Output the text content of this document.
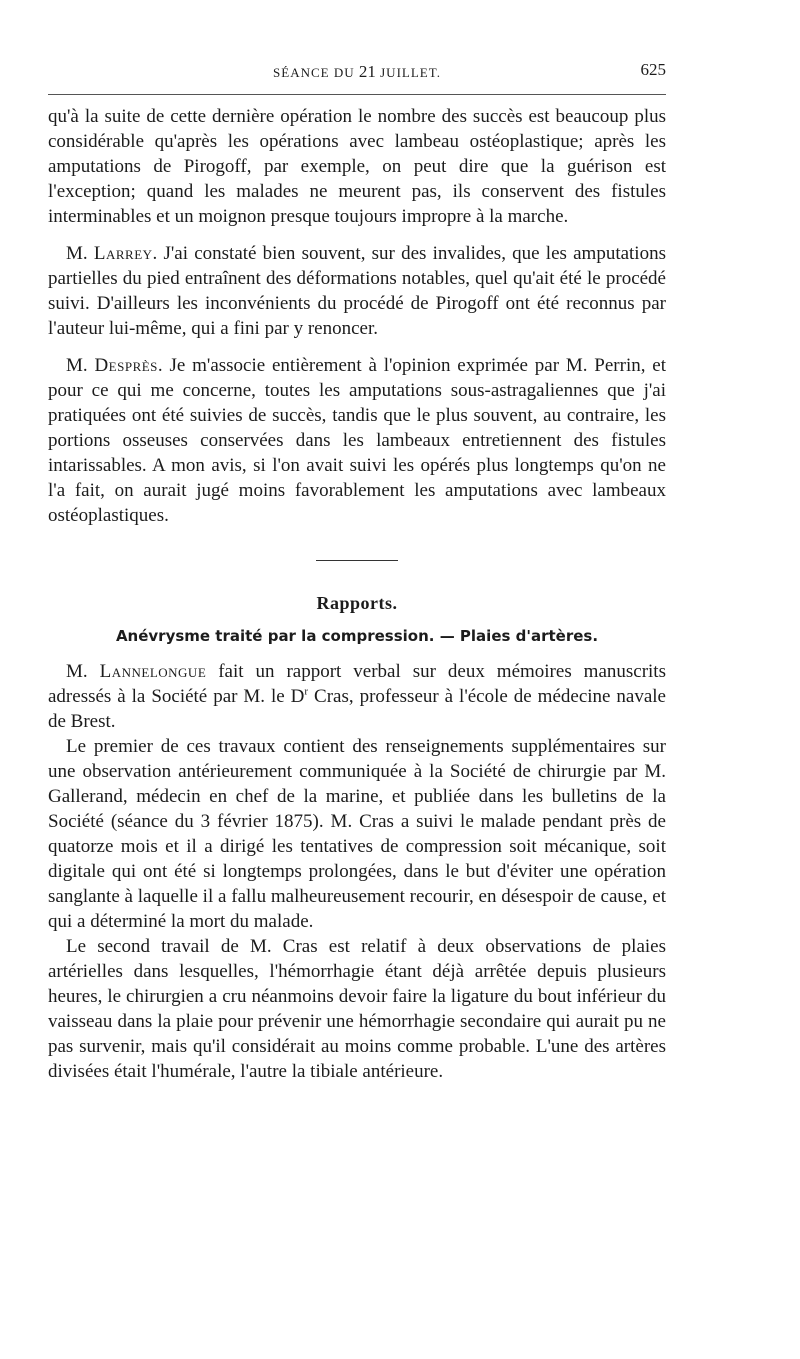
SÉANCE DU 21 JUILLET.	625

qu'à la suite de cette dernière opération le nombre des succès est beaucoup plus considérable qu'après les opérations avec lambeau ostéoplastique; après les amputations de Pirogoff, par exemple, on peut dire que la guérison est l'exception; quand les malades ne meurent pas, ils conservent des fistules interminables et un moignon presque toujours impropre à la marche.

M. Larrey. J'ai constaté bien souvent, sur des invalides, que les amputations partielles du pied entraînent des déformations notables, quel qu'ait été le procédé suivi. D'ailleurs les inconvénients du procédé de Pirogoff ont été reconnus par l'auteur lui-même, qui a fini par y renoncer.

M. Desprès. Je m'associe entièrement à l'opinion exprimée par M. Perrin, et pour ce qui me concerne, toutes les amputations sous-astragaliennes que j'ai pratiquées ont été suivies de succès, tandis que le plus souvent, au contraire, les portions osseuses conservées dans les lambeaux entretiennent des fistules intarissables. A mon avis, si l'on avait suivi les opérés plus longtemps qu'on ne l'a fait, on aurait jugé moins favorablement les amputations avec lambeaux ostéoplastiques.

Rapports.
Anévrysme traité par la compression. — Plaies d'artères.

M. Lannelongue fait un rapport verbal sur deux mémoires manuscrits adressés à la Société par M. le $D^r$ Cras, professeur à l'école de médecine navale de Brest.

Le premier de ces travaux contient des renseignements supplémentaires sur une observation antérieurement communiquée à la Société de chirurgie par M. Gallerand, médecin en chef de la marine, et publiée dans les bulletins de la Société (séance du 3 février 1875). M. Cras a suivi le malade pendant près de quatorze mois et il a dirigé les tentatives de compression soit mécanique, soit digitale qui ont été si longtemps prolongées, dans le but d'éviter une opération sanglante à laquelle il a fallu malheureusement recourir, en désespoir de cause, et qui a déterminé la mort du malade.

Le second travail de M. Cras est relatif à deux observations de plaies artérielles dans lesquelles, l'hémorrhagie étant déjà arrêtée depuis plusieurs heures, le chirurgien a cru néanmoins devoir faire la ligature du bout inférieur du vaisseau dans la plaie pour prévenir une hémorrhagie secondaire qui aurait pu ne pas survenir, mais qu'il considérait au moins comme probable. L'une des artères divisées était l'humérale, l'autre la tibiale antérieure.
